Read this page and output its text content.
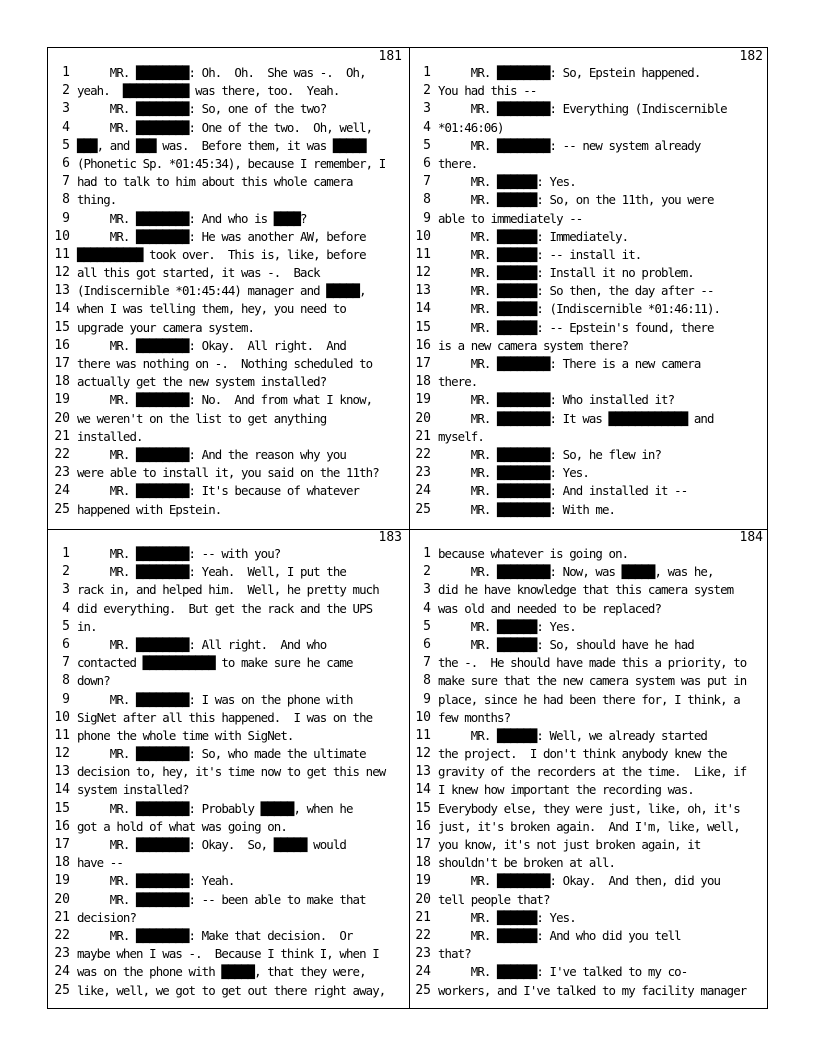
181
1 MR. ████████: Oh.  Oh.  She was -.  Oh,
2 yeah.  ██████████ was there, too.  Yeah.
3 MR. ████████: So, one of the two?
4 MR. ████████: One of the two.  Oh, well,
5 ███, and ███ was.  Before them, it was █████
6 (Phonetic Sp. *01:45:34), because I remember, I
7 had to talk to him about this whole camera
8 thing.
9 MR. ████████: And who is ████?
10 MR. ████████: He was another AW, before
11 ██████████ took over.  This is, like, before
12 all this got started, it was -.  Back
13 (Indiscernible *01:45:44) manager and █████,
14 when I was telling them, hey, you need to
15 upgrade your camera system.
16 MR. ████████: Okay.  All right.  And
17 there was nothing on -.  Nothing scheduled to
18 actually get the new system installed?
19 MR. ████████: No.  And from what I know,
20 we weren't on the list to get anything
21 installed.
22 MR. ████████: And the reason why you
23 were able to install it, you said on the 11th?
24 MR. ████████: It's because of whatever
25 happened with Epstein.
182
1 MR. ████████: So, Epstein happened.
2 You had this --
3 MR. ████████: Everything (Indiscernible
4 *01:46:06)
5 MR. ████████: -- new system already
6 there.
7 MR. ██████: Yes.
8 MR. ██████: So, on the 11th, you were
9 able to immediately --
10 MR. ██████: Immediately.
11 MR. ██████: -- install it.
12 MR. ██████: Install it no problem.
13 MR. ██████: So then, the day after --
14 MR. ██████: (Indiscernible *01:46:11).
15 MR. ██████: -- Epstein's found, there
16 is a new camera system there?
17 MR. ████████: There is a new camera
18 there.
19 MR. ████████: Who installed it?
20 MR. ████████: It was ████████████ and
21 myself.
22 MR. ████████: So, he flew in?
23 MR. ████████: Yes.
24 MR. ████████: And installed it --
25 MR. ████████: With me.
183
1 MR. ████████: -- with you?
2 MR. ████████: Yeah.  Well, I put the
3 rack in, and helped him.  Well, he pretty much
4 did everything.  But get the rack and the UPS
5 in.
6 MR. ████████: All right.  And who
7 contacted ███████████ to make sure he came
8 down?
9 MR. ████████: I was on the phone with
10 SigNet after all this happened.  I was on the
11 phone the whole time with SigNet.
12 MR. ████████: So, who made the ultimate
13 decision to, hey, it's time now to get this new
14 system installed?
15 MR. ████████: Probably █████, when he
16 got a hold of what was going on.
17 MR. ████████: Okay.  So, █████ would
18 have --
19 MR. ████████: Yeah.
20 MR. ████████: -- been able to make that
21 decision?
22 MR. ████████: Make that decision.  Or
23 maybe when I was -.  Because I think I, when I
24 was on the phone with █████, that they were,
25 like, well, we got to get out there right away,
184
1 because whatever is going on.
2 MR. ████████: Now, was █████, was he,
3 did he have knowledge that this camera system
4 was old and needed to be replaced?
5 MR. ██████: Yes.
6 MR. ██████: So, should have he had
7 the -.  He should have made this a priority, to
8 make sure that the new camera system was put in
9 place, since he had been there for, I think, a
10 few months?
11 MR. ██████: Well, we already started
12 the project.  I don't think anybody knew the
13 gravity of the recorders at the time.  Like, if
14 I knew how important the recording was.
15 Everybody else, they were just, like, oh, it's
16 just, it's broken again.  And I'm, like, well,
17 you know, it's not just broken again, it
18 shouldn't be broken at all.
19 MR. ████████: Okay.  And then, did you
20 tell people that?
21 MR. ██████: Yes.
22 MR. ██████: And who did you tell
23 that?
24 MR. ██████: I've talked to my co-
25 workers, and I've talked to my facility manager
